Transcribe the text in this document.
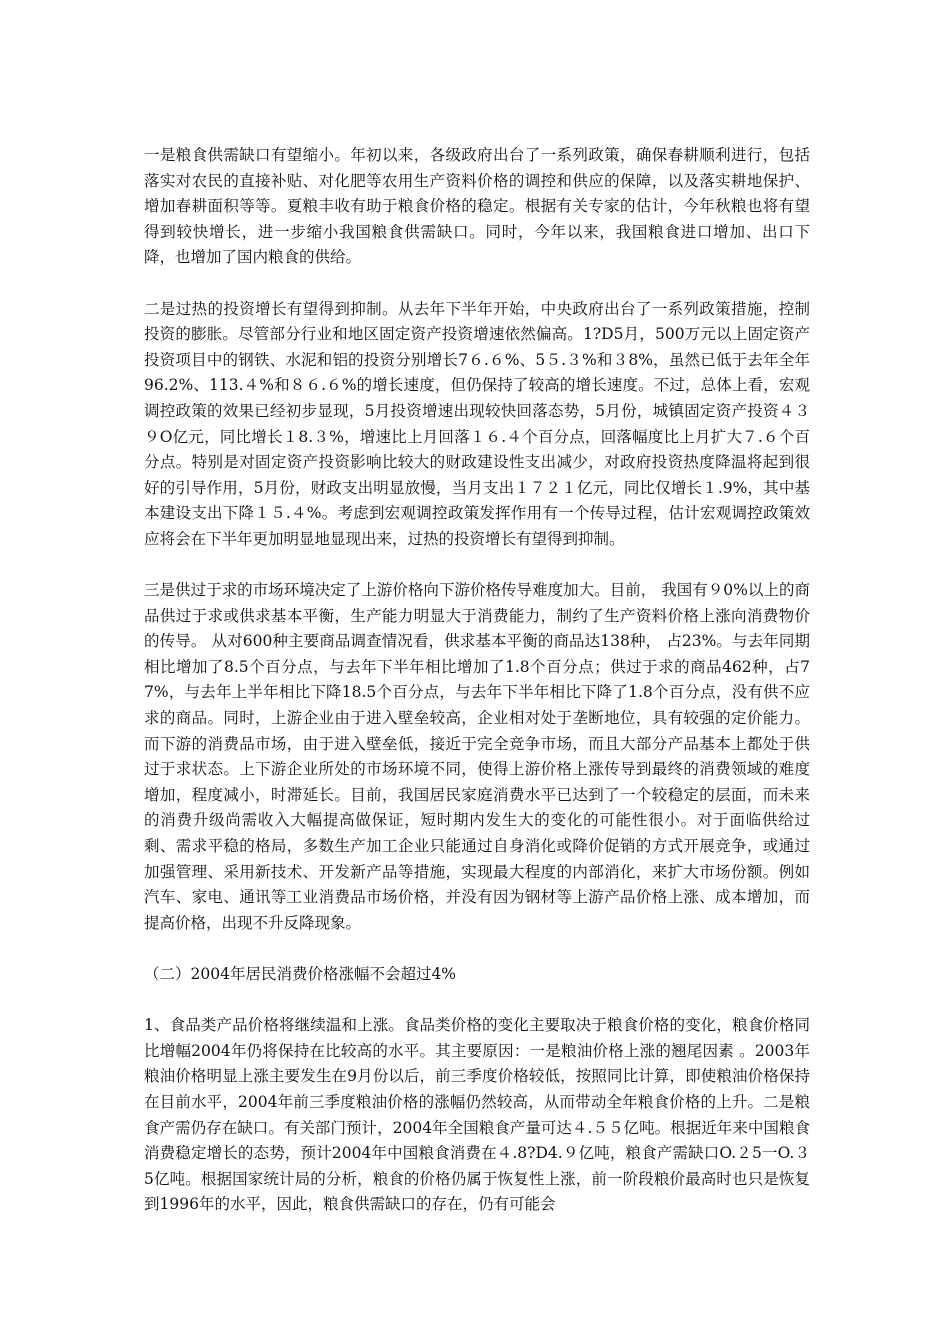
一是粮食供需缺口有望缩小。年初以来，各级政府出台了一系列政策，确保春耕顺利进行，包括落实对农民的直接补贴、对化肥等农用生产资料价格的调控和供应的保障，以及落实耕地保护、增加春耕面积等等。夏粮丰收有助于粮食价格的稳定。根据有关专家的估计，今年秋粮也将有望得到较快增长，进一步缩小我国粮食供需缺口。同时，今年以来，我国粮食进口增加、出口下降，也增加了国内粮食的供给。

二是过热的投资增长有望得到抑制。从去年下半年开始，中央政府出台了一系列政策措施，控制投资的膨胀。尽管部分行业和地区固定资产投资增速依然偏高。1?D5月，500万元以上固定资产投资项目中的钢铁、水泥和铝的投资分别增长7６.６%、5５.３%和３8%，虽然已低于去年全年96.2%、113.４%和８６.６%的增长速度，但仍保持了较高的增长速度。不过，总体上看，宏观调控政策的效果已经初步显现，5月投资增速出现较快回落态势，5月份，城镇固定资产投资４３９O亿元，同比增长１8.３%，增速比上月回落１６.４个百分点，回落幅度比上月扩大７.６个百分点。特别是对固定资产投资影响比较大的财政建设性支出减少，对政府投资热度降温将起到很好的引导作用，5月份，财政支出明显放慢，当月支出１７２１亿元，同比仅增长１.9%，其中基本建设支出下降１５.４%。考虑到宏观调控政策发挥作用有一个传导过程，估计宏观调控政策效应将会在下半年更加明显地显现出来，过热的投资增长有望得到抑制。

三是供过于求的市场环境决定了上游价格向下游价格传导难度加大。目前， 我国有９0%以上的商品供过于求或供求基本平衡，生产能力明显大于消费能力，制约了生产资料价格上涨向消费物价的传导。 从对600种主要商品调查情况看，供求基本平衡的商品达138种， 占23%。与去年同期相比增加了8.5个百分点，与去年下半年相比增加了1.8个百分点；供过于求的商品462种，占77%，与去年上半年相比下降18.5个百分点，与去年下半年相比下降了1.8个百分点，没有供不应求的商品。同时，上游企业由于进入壁垒较高，企业相对处于垄断地位，具有较强的定价能力。而下游的消费品市场，由于进入壁垒低，接近于完全竞争市场，而且大部分产品基本上都处于供过于求状态。上下游企业所处的市场环境不同，使得上游价格上涨传导到最终的消费领域的难度增加，程度减小，时滞延长。目前，我国居民家庭消费水平已达到了一个较稳定的层面，而未来的消费升级尚需收入大幅提高做保证，短时期内发生大的变化的可能性很小。对于面临供给过剩、需求平稳的格局，多数生产加工企业只能通过自身消化或降价促销的方式开展竞争，或通过加强管理、采用新技术、开发新产品等措施，实现最大程度的内部消化，来扩大市场份额。例如汽车、家电、通讯等工业消费品市场价格，并没有因为钢材等上游产品价格上涨、成本增加，而提高价格，出现不升反降现象。

（二）2004年居民消费价格涨幅不会超过4%

1、食品类产品价格将继续温和上涨。食品类价格的变化主要取决于粮食价格的变化，粮食价格同比增幅2004年仍将保持在比较高的水平。其主要原因：一是粮油价格上涨的翘尾因素 。2003年粮油价格明显上涨主要发生在9月份以后，前三季度价格较低，按照同比计算，即使粮油价格保持在目前水平，2004年前三季度粮油价格的涨幅仍然较高，从而带动全年粮食价格的上升。二是粮食产需仍存在缺口。有关部门预计，2004年全国粮食产量可达４.５５亿吨。根据近年来中国粮食消费稳定增长的态势，预计2004年中国粮食消费在４.8?D4.９亿吨，粮食产需缺口O.２5一O.３5亿吨。根据国家统计局的分析，粮食的价格仍属于恢复性上涨，前一阶段粮价最高时也只是恢复到1996年的水平，因此，粮食供需缺口的存在，仍有可能会
